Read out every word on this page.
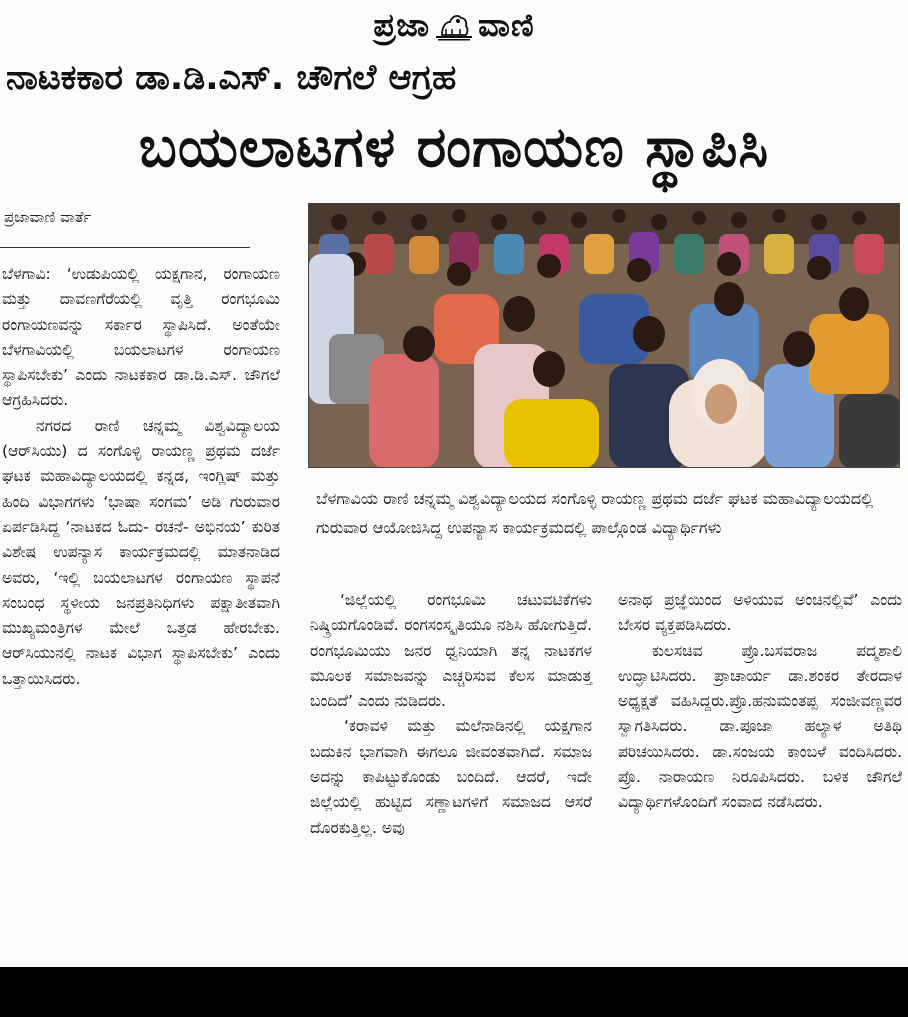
ಪ್ರಜಾ ವಾಣಿ
ನಾಟಕಕಾರ ಡಾ.ಡಿ.ಎಸ್. ಚೌಗಲೆ ಆಗ್ರಹ
ಬಯಲಾಟಗಳ ರಂಗಾಯಣ ಸ್ಥಾಪಿಸಿ
ಪ್ರಜಾವಾಣಿ ವಾರ್ತೆ

ಬೆಳಗಾವಿ: ‘ಉಡುಪಿಯಲ್ಲಿ ಯಕ್ಷಗಾನ, ರಂಗಾಯಣ ಮತ್ತು ದಾವಣಗೆರೆಯಲ್ಲಿ ವೃತ್ತಿ ರಂಗಭೂಮಿ ರಂಗಾಯಣವನ್ನು ಸರ್ಕಾರ ಸ್ಥಾಪಿಸಿದೆ. ಅಂತೆಯೇ ಬೆಳಗಾವಿಯಲ್ಲಿ ಬಯಲಾಟಗಳ ರಂಗಾಯಣ ಸ್ಥಾಪಿಸಬೇಕು’ ಎಂದು ನಾಟಕಕಾರ ಡಾ.ಡಿ.ಎಸ್. ಚೌಗಲೆ ಆಗ್ರಹಿಸಿದರು.

ನಗರದ ರಾಣಿ ಚನ್ನಮ್ಮ ವಿಶ್ವವಿದ್ಯಾಲಯ (ಆರ್‌ಸಿಯು) ದ ಸಂಗೊಳ್ಳಿ ರಾಯಣ್ಣ ಪ್ರಥಮ ದರ್ಜೆ ಘಟಕ ಮಹಾವಿದ್ಯಾಲಯದಲ್ಲಿ ಕನ್ನಡ, ಇಂಗ್ಲಿಷ್ ಮತ್ತು ಹಿಂದಿ ವಿಭಾಗಗಳು ‘ಭಾಷಾ ಸಂಗಮ’ ಅಡಿ ಗುರುವಾರ ಏರ್ಪಡಿಸಿದ್ದ ‘ನಾಟಕದ ಓದು- ರಚನೆ- ಅಭಿನಯ’ ಕುರಿತ ವಿಶೇಷ ಉಪನ್ಯಾಸ ಕಾರ್ಯಕ್ರಮದಲ್ಲಿ ಮಾತನಾಡಿದ ಅವರು, ‘ಇಲ್ಲಿ ಬಯಲಾಟಗಳ ರಂಗಾಯಣ ಸ್ಥಾಪನೆ ಸಂಬಂಧ ಸ್ಥಳೀಯ ಜನಪ್ರತಿನಿಧಿಗಳು ಪಕ್ಷಾತೀತವಾಗಿ ಮುಖ್ಯಮಂತ್ರಿಗಳ ಮೇಲೆ ಒತ್ತಡ ಹೇರಬೇಕು. ಆರ್‌ಸಿಯುನಲ್ಲಿ ನಾಟಕ ವಿಭಾಗ ಸ್ಥಾಪಿಸಬೇಕು’ ಎಂದು ಒತ್ತಾಯಿಸಿದರು.

ಬೆಳಗಾವಿಯ ರಾಣಿ ಚನ್ನಮ್ಮ ವಿಶ್ವವಿದ್ಯಾಲಯದ ಸಂಗೊಳ್ಳಿ ರಾಯಣ್ಣ ಪ್ರಥಮ ದರ್ಜೆ ಘಟಕ ಮಹಾವಿದ್ಯಾಲಯದಲ್ಲಿ ಗುರುವಾರ ಆಯೋಜಿಸಿದ್ದ ಉಪನ್ಯಾಸ ಕಾರ್ಯಕ್ರಮದಲ್ಲಿ ಪಾಲ್ಗೊಂಡ ವಿದ್ಯಾರ್ಥಿಗಳು

‘ಜಿಲ್ಲೆಯಲ್ಲಿ ರಂಗಭೂಮಿ ಚಟುವಟಿಕೆಗಳು ನಿಷ್ಕ್ರಿಯಗೊಂಡಿವೆ. ರಂಗಸಂಸ್ಕೃತಿಯೂ ನಶಿಸಿ ಹೋಗುತ್ತಿದೆ. ರಂಗಭೂಮಿಯು ಜನರ ಧ್ವನಿಯಾಗಿ ತನ್ನ ನಾಟಕಗಳ ಮೂಲಕ ಸಮಾಜವನ್ನು ಎಚ್ಚರಿಸುವ ಕೆಲಸ ಮಾಡುತ್ತ ಬಂದಿದೆ’ ಎಂದು ನುಡಿದರು.

‘ಕರಾವಳಿ ಮತ್ತು ಮಲೆನಾಡಿನಲ್ಲಿ ಯಕ್ಷಗಾನ ಬದುಕಿನ ಭಾಗವಾಗಿ ಈಗಲೂ ಜೀವಂತವಾಗಿದೆ. ಸಮಾಜ ಅದನ್ನು ಕಾಪಿಟ್ಟುಕೊಂಡು ಬಂದಿದೆ. ಆದರೆ, ಇದೇ ಜಿಲ್ಲೆಯಲ್ಲಿ ಹುಟ್ಟಿದ ಸಣ್ಣಾಟಗಳಿಗೆ ಸಮಾಜದ ಆಸರೆ ದೊರಕುತ್ತಿಲ್ಲ. ಅವು

ಅನಾಥ ಪ್ರಜ್ಞೆಯಿಂದ ಅಳಿಯುವ ಅಂಚಿನಲ್ಲಿವೆ’ ಎಂದು ಬೇಸರ ವ್ಯಕ್ತಪಡಿಸಿದರು.

ಕುಲಸಚಿವ ಪ್ರೊ.ಬಸವರಾಜ ಪದ್ಮಶಾಲಿ ಉದ್ಘಾಟಿಸಿದರು. ಪ್ರಾಚಾರ್ಯ ಡಾ.ಶಂಕರ ತೇರದಾಳ ಅಧ್ಯಕ್ಷತೆ ವಹಿಸಿದ್ದರು.ಪ್ರೊ.ಹನುಮಂತಪ್ಪ ಸಂಜೀವಣ್ಣವರ ಸ್ವಾಗತಿಸಿದರು. ಡಾ.ಪೂಜಾ ಹಲ್ಯಾಳ ಅತಿಥಿ ಪರಿಚಯಿಸಿದರು. ಡಾ.ಸಂಜಯ ಕಾಂಬಳೆ ವಂದಿಸಿದರು. ಪ್ರೊ. ನಾರಾಯಣ ನಿರೂಪಿಸಿದರು. ಬಳಿಕ ಚೌಗಲೆ ವಿದ್ಯಾರ್ಥಿಗಳೊಂದಿಗೆ ಸಂವಾದ ನಡೆಸಿದರು.
